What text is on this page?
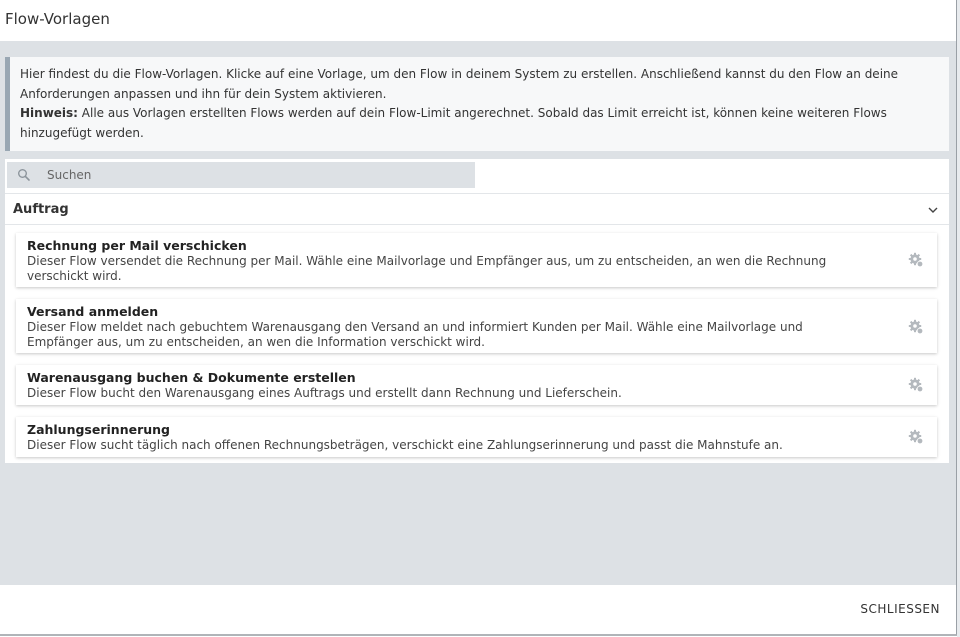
Flow-Vorlagen
Hier findest du die Flow-Vorlagen. Klicke auf eine Vorlage, um den Flow in deinem System zu erstellen. Anschließend kannst du den Flow an deine Anforderungen anpassen und ihn für dein System aktivieren.
Hinweis: Alle aus Vorlagen erstellten Flows werden auf dein Flow-Limit angerechnet. Sobald das Limit erreicht ist, können keine weiteren Flows hinzugefügt werden.
Suchen
Auftrag
Rechnung per Mail verschicken
Dieser Flow versendet die Rechnung per Mail. Wähle eine Mailvorlage und Empfänger aus, um zu entscheiden, an wen die Rechnung verschickt wird.
Versand anmelden
Dieser Flow meldet nach gebuchtem Warenausgang den Versand an und informiert Kunden per Mail. Wähle eine Mailvorlage und Empfänger aus, um zu entscheiden, an wen die Information verschickt wird.
Warenausgang buchen & Dokumente erstellen
Dieser Flow bucht den Warenausgang eines Auftrags und erstellt dann Rechnung und Lieferschein.
Zahlungserinnerung
Dieser Flow sucht täglich nach offenen Rechnungsbeträgen, verschickt eine Zahlungserinnerung und passt die Mahnstufe an.
SCHLIESSEN
